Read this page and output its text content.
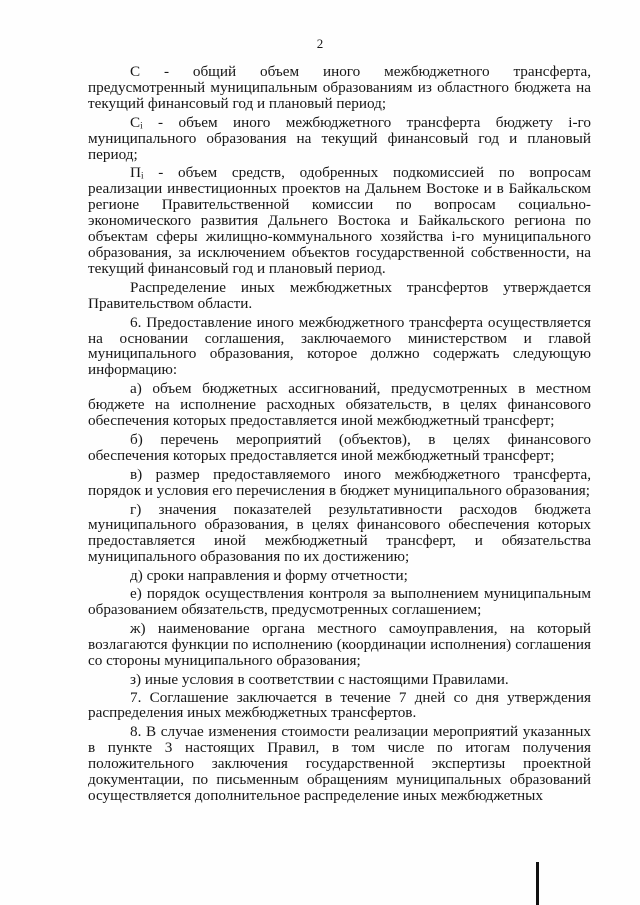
2

С - общий объем иного межбюджетного трансферта, предусмотренный муниципальным образованиям из областного бюджета на текущий финансовый год и плановый период;

Сᵢ - объем иного межбюджетного трансферта бюджету i-го муниципального образования на текущий финансовый год и плановый период;

Пᵢ - объем средств, одобренных подкомиссией по вопросам реализации инвестиционных проектов на Дальнем Востоке и в Байкальском регионе Правительственной комиссии по вопросам социально-экономического развития Дальнего Востока и Байкальского региона по объектам сферы жилищно-коммунального хозяйства i-го муниципального образования, за исключением объектов государственной собственности, на текущий финансовый год и плановый период.

Распределение иных межбюджетных трансфертов утверждается Правительством области.

6. Предоставление иного межбюджетного трансферта осуществляется на основании соглашения, заключаемого министерством и главой муниципального образования, которое должно содержать следующую информацию:

а) объем бюджетных ассигнований, предусмотренных в местном бюджете на исполнение расходных обязательств, в целях финансового обеспечения которых предоставляется иной межбюджетный трансферт;

б) перечень мероприятий (объектов), в целях финансового обеспечения которых предоставляется иной межбюджетный трансферт;

в) размер предоставляемого иного межбюджетного трансферта, порядок и условия его перечисления в бюджет муниципального образования;

г) значения показателей результативности расходов бюджета муниципального образования, в целях финансового обеспечения которых предоставляется иной межбюджетный трансферт, и обязательства муниципального образования по их достижению;

д) сроки направления и форму отчетности;

е) порядок осуществления контроля за выполнением муниципальным образованием обязательств, предусмотренных соглашением;

ж) наименование органа местного самоуправления, на который возлагаются функции по исполнению (координации исполнения) соглашения со стороны муниципального образования;

з) иные условия в соответствии с настоящими Правилами.

7. Соглашение заключается в течение 7 дней со дня утверждения распределения иных межбюджетных трансфертов.

8. В случае изменения стоимости реализации мероприятий указанных в пункте 3 настоящих Правил, в том числе по итогам получения положительного заключения государственной экспертизы проектной документации, по письменным обращениям муниципальных образований осуществляется дополнительное распределение иных межбюджетных
